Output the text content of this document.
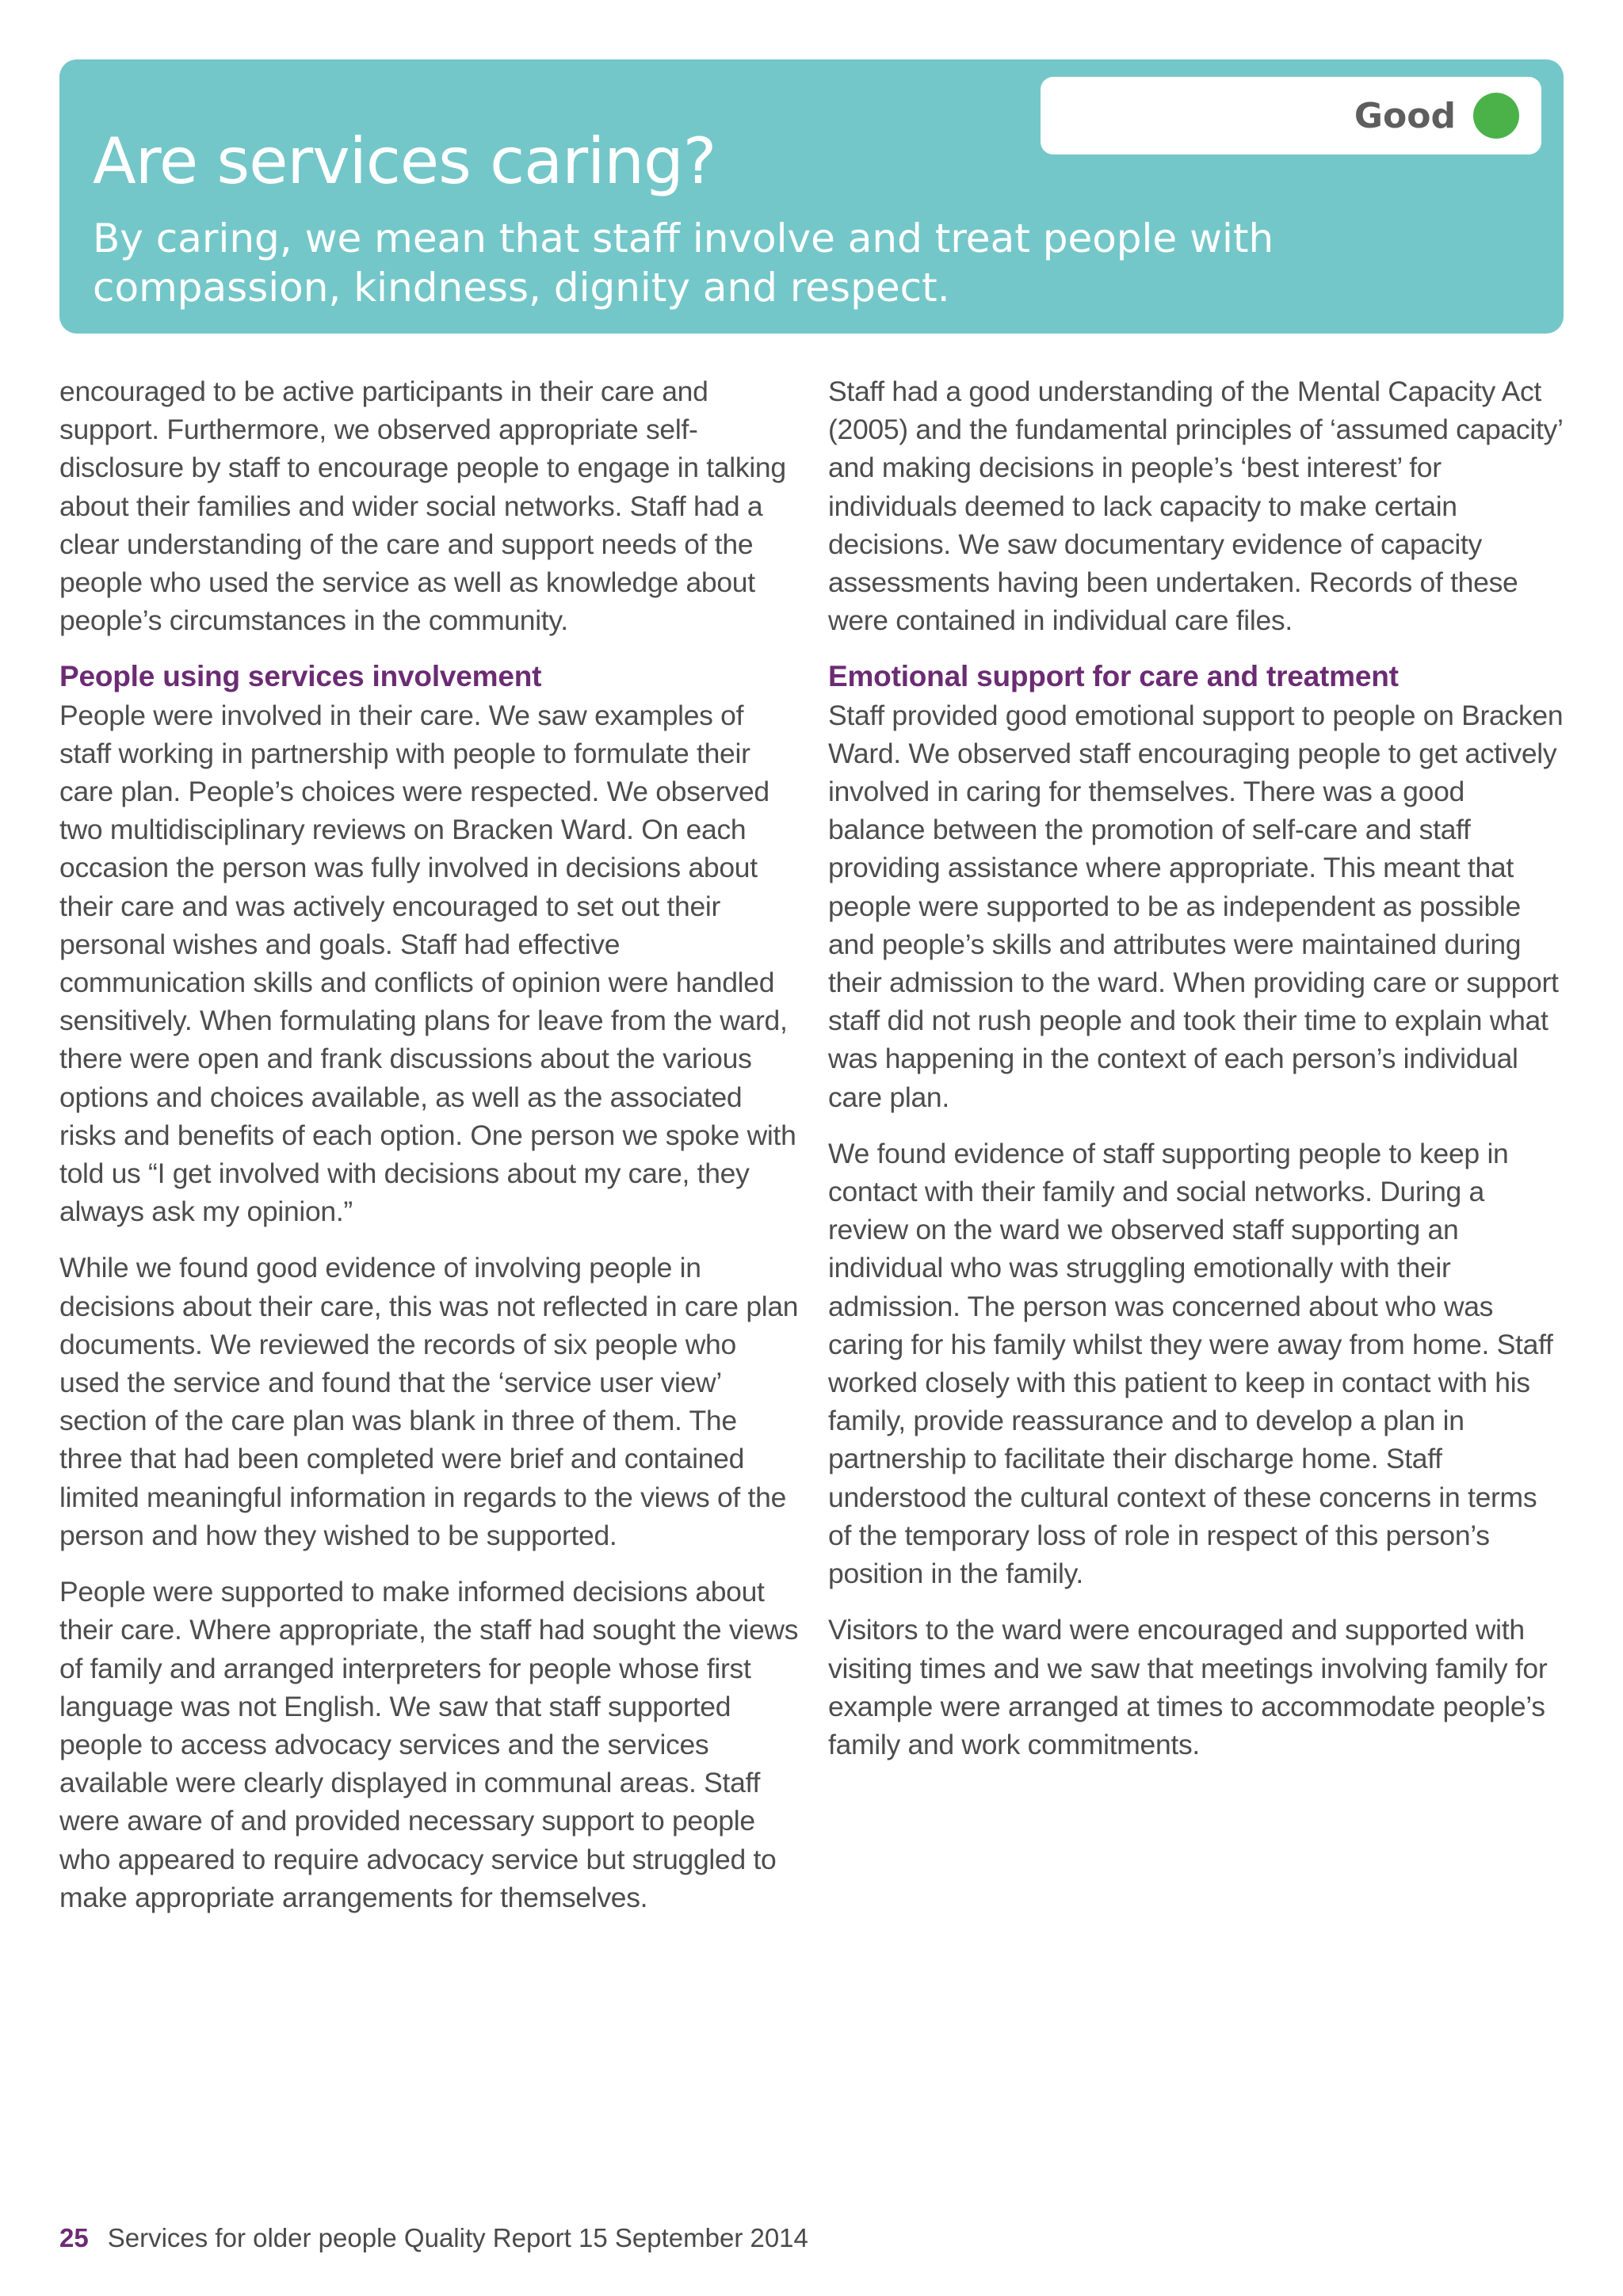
Good
Are services caring?

By caring, we mean that staff involve and treat people with compassion, kindness, dignity and respect.

encouraged to be active participants in their care and support. Furthermore, we observed appropriate self-disclosure by staff to encourage people to engage in talking about their families and wider social networks. Staff had a clear understanding of the care and support needs of the people who used the service as well as knowledge about people’s circumstances in the community.

People using services involvement

People were involved in their care. We saw examples of staff working in partnership with people to formulate their care plan. People’s choices were respected. We observed two multidisciplinary reviews on Bracken Ward. On each occasion the person was fully involved in decisions about their care and was actively encouraged to set out their personal wishes and goals. Staff had effective communication skills and conflicts of opinion were handled sensitively. When formulating plans for leave from the ward, there were open and frank discussions about the various options and choices available, as well as the associated risks and benefits of each option. One person we spoke with told us “I get involved with decisions about my care, they always ask my opinion.”

While we found good evidence of involving people in decisions about their care, this was not reflected in care plan documents. We reviewed the records of six people who used the service and found that the ‘service user view’ section of the care plan was blank in three of them. The three that had been completed were brief and contained limited meaningful information in regards to the views of the person and how they wished to be supported.

People were supported to make informed decisions about their care. Where appropriate, the staff had sought the views of family and arranged interpreters for people whose first language was not English. We saw that staff supported people to access advocacy services and the services available were clearly displayed in communal areas. Staff were aware of and provided necessary support to people who appeared to require advocacy service but struggled to make appropriate arrangements for themselves.

Staff had a good understanding of the Mental Capacity Act (2005) and the fundamental principles of ‘assumed capacity’ and making decisions in people’s ‘best interest’ for individuals deemed to lack capacity to make certain decisions. We saw documentary evidence of capacity assessments having been undertaken. Records of these were contained in individual care files.

Emotional support for care and treatment

Staff provided good emotional support to people on Bracken Ward. We observed staff encouraging people to get actively involved in caring for themselves. There was a good balance between the promotion of self-care and staff providing assistance where appropriate. This meant that people were supported to be as independent as possible and people’s skills and attributes were maintained during their admission to the ward. When providing care or support staff did not rush people and took their time to explain what was happening in the context of each person’s individual care plan.

We found evidence of staff supporting people to keep in contact with their family and social networks. During a review on the ward we observed staff supporting an individual who was struggling emotionally with their admission. The person was concerned about who was caring for his family whilst they were away from home. Staff worked closely with this patient to keep in contact with his family, provide reassurance and to develop a plan in partnership to facilitate their discharge home. Staff understood the cultural context of these concerns in terms of the temporary loss of role in respect of this person’s position in the family.

Visitors to the ward were encouraged and supported with visiting times and we saw that meetings involving family for example were arranged at times to accommodate people’s family and work commitments.

25 Services for older people Quality Report 15 September 2014
